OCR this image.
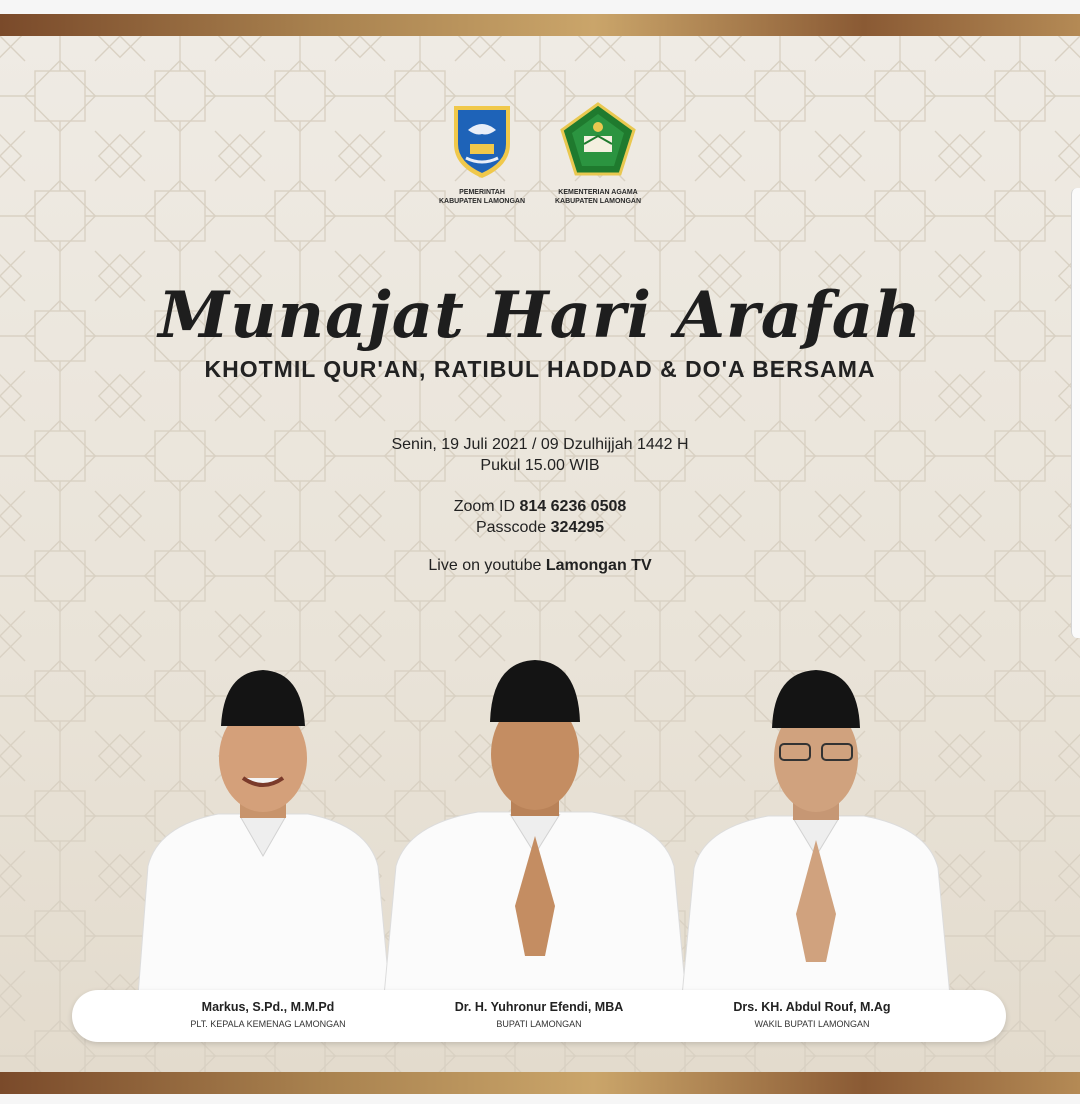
PEMERINTAH
KABUPATEN LAMONGAN
KEMENTERIAN AGAMA
KABUPATEN LAMONGAN
Munajat Hari Arafah
KHOTMIL QUR'AN, RATIBUL HADDAD & DO'A BERSAMA
Senin, 19 Juli 2021 / 09 Dzulhijjah 1442 H
Pukul 15.00 WIB
Zoom ID 814 6236 0508
Passcode 324295
Live on youtube Lamongan TV
Markus, S.Pd., M.M.Pd
PLT. KEPALA KEMENAG LAMONGAN
Dr. H. Yuhronur Efendi, MBA
BUPATI LAMONGAN
Drs. KH. Abdul Rouf, M.Ag
WAKIL BUPATI LAMONGAN
